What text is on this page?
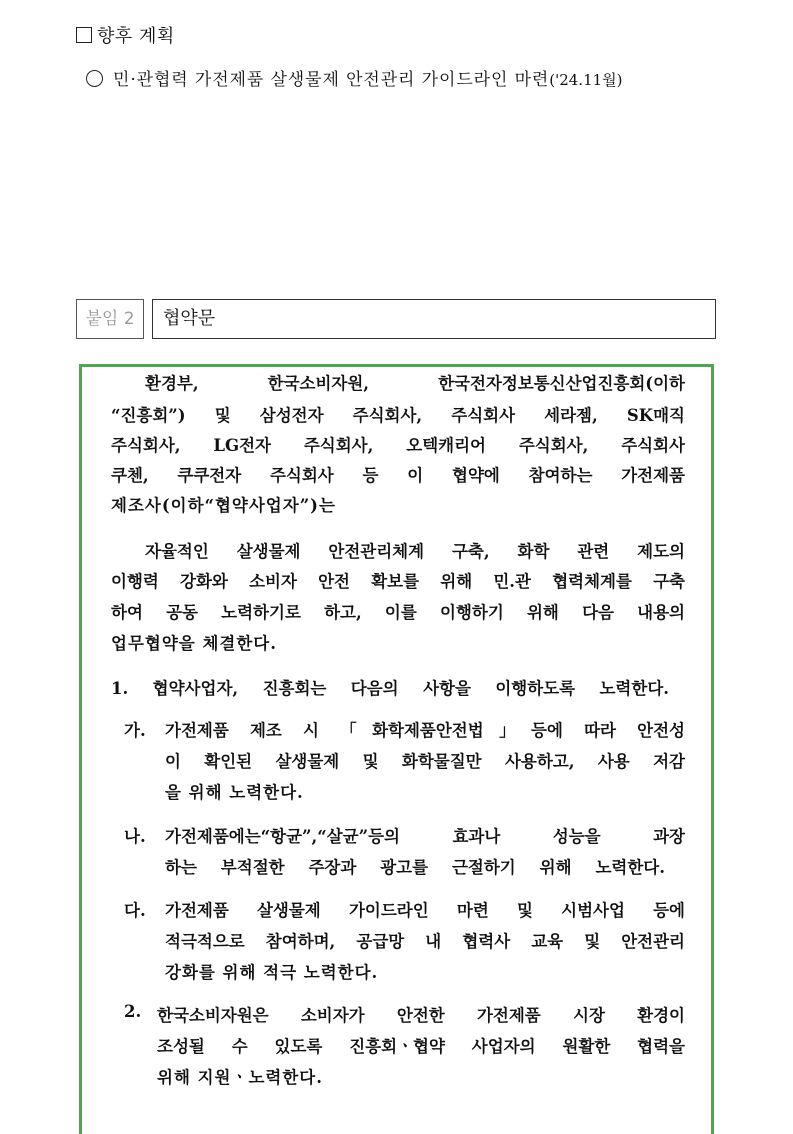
향후 계획
민·관협력 가전제품 살생물제 안전관리 가이드라인 마련('24.11월)
붙임 2	협약문
환경부, 한국소비자원, 한국전자정보통신산업진흥회(이하
“진흥회”) 및 삼성전자 주식회사, 주식회사 세라젬, SK매직
주식회사, LG전자 주식회사, 오텍캐리어 주식회사, 주식회사
쿠첸, 쿠쿠전자 주식회사 등 이 협약에 참여하는 가전제품
제조사(이하“협약사업자”)는
자율적인 살생물제 안전관리체계 구축, 화학 관련 제도의
이행력 강화와 소비자 안전 확보를 위해 민.관 협력체계를 구축
하여 공동 노력하기로 하고, 이를 이행하기 위해 다음 내용의
업무협약을 체결한다.
1. 협약사업자, 진흥회는 다음의 사항을 이행하도록 노력한다.
가. 가전제품 제조 시 「화학제품안전법」등에 따라 안전성
이 확인된 살생물제 및 화학물질만 사용하고, 사용 저감
을 위해 노력한다.
나. 가전제품에는“항균”,“살균”등의 효과나 성능을 과장
하는 부적절한 주장과 광고를 근절하기 위해 노력한다.
다. 가전제품 살생물제 가이드라인 마련 및 시범사업 등에
적극적으로 참여하며, 공급망 내 협력사 교육 및 안전관리
강화를 위해 적극 노력한다.
2. 한국소비자원은 소비자가 안전한 가전제품 시장 환경이
조성될 수 있도록 진흥회ㆍ협약 사업자의 원활한 협력을
위해 지원ㆍ노력한다.
